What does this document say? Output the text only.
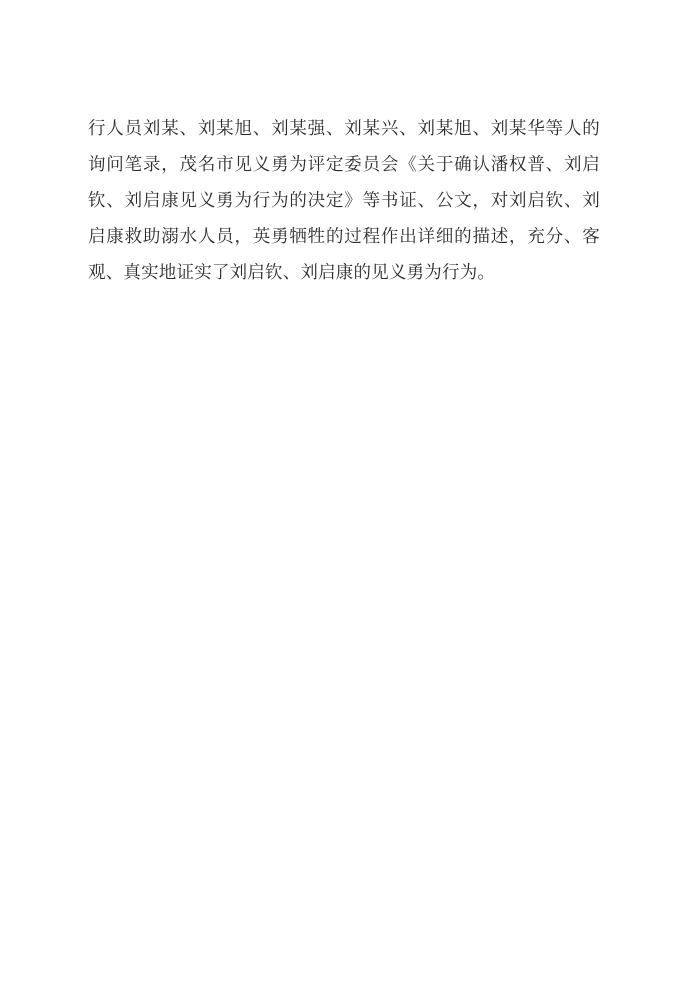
行人员刘某、刘某旭、刘某强、刘某兴、刘某旭、刘某华等人的询问笔录，茂名市见义勇为评定委员会《关于确认潘权普、刘启钦、刘启康见义勇为行为的决定》等书证、公文，对刘启钦、刘启康救助溺水人员，英勇牺牲的过程作出详细的描述，充分、客观、真实地证实了刘启钦、刘启康的见义勇为行为。
